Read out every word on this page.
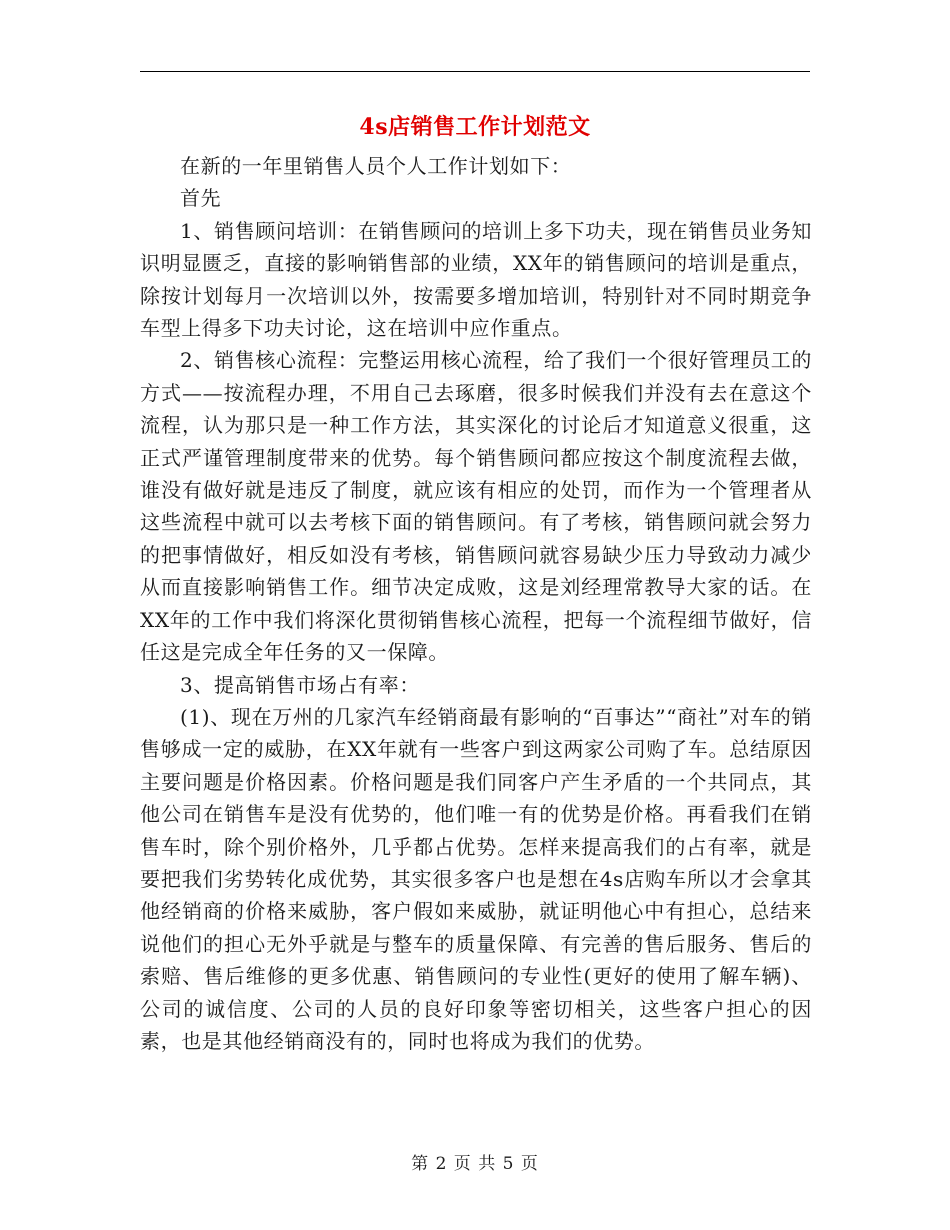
4s店销售工作计划范文

在新的一年里销售人员个人工作计划如下：

首先

1、销售顾问培训：在销售顾问的培训上多下功夫，现在销售员业务知识明显匮乏，直接的影响销售部的业绩，XX年的销售顾问的培训是重点，除按计划每月一次培训以外，按需要多增加培训，特别针对不同时期竞争车型上得多下功夫讨论，这在培训中应作重点。

2、销售核心流程：完整运用核心流程，给了我们一个很好管理员工的方式——按流程办理，不用自己去琢磨，很多时候我们并没有去在意这个流程，认为那只是一种工作方法，其实深化的讨论后才知道意义很重，这正式严谨管理制度带来的优势。每个销售顾问都应按这个制度流程去做，谁没有做好就是违反了制度，就应该有相应的处罚，而作为一个管理者从这些流程中就可以去考核下面的销售顾问。有了考核，销售顾问就会努力的把事情做好，相反如没有考核，销售顾问就容易缺少压力导致动力减少从而直接影响销售工作。细节决定成败，这是刘经理常教导大家的话。在XX年的工作中我们将深化贯彻销售核心流程，把每一个流程细节做好，信任这是完成全年任务的又一保障。

3、提高销售市场占有率：

(1)、现在万州的几家汽车经销商最有影响的“百事达”“商社”对车的销售够成一定的威胁，在XX年就有一些客户到这两家公司购了车。总结原因主要问题是价格因素。价格问题是我们同客户产生矛盾的一个共同点，其他公司在销售车是没有优势的，他们唯一有的优势是价格。再看我们在销售车时，除个别价格外，几乎都占优势。怎样来提高我们的占有率，就是要把我们劣势转化成优势，其实很多客户也是想在4s店购车所以才会拿其他经销商的价格来威胁，客户假如来威胁，就证明他心中有担心，总结来说他们的担心无外乎就是与整车的质量保障、有完善的售后服务、售后的索赔、售后维修的更多优惠、销售顾问的专业性(更好的使用了解车辆)、公司的诚信度、公司的人员的良好印象等密切相关，这些客户担心的因素，也是其他经销商没有的，同时也将成为我们的优势。

第 2 页 共 5 页
